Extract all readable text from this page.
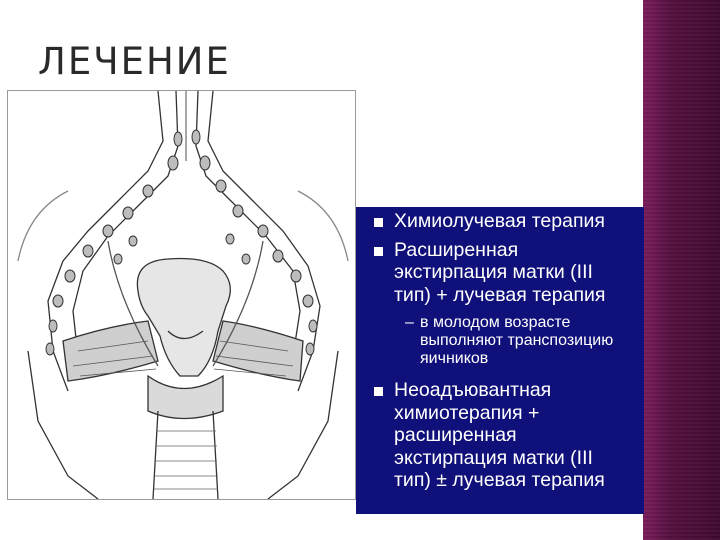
ЛЕЧЕНИЕ
Химиолучевая терапия
Расширенная экстирпация матки (III тип) + лучевая терапия
– в молодом возрасте выполняют транспозицию яичников
Неоадъювантная химиотерапия + расширенная экстирпация матки (III тип) ± лучевая терапия
